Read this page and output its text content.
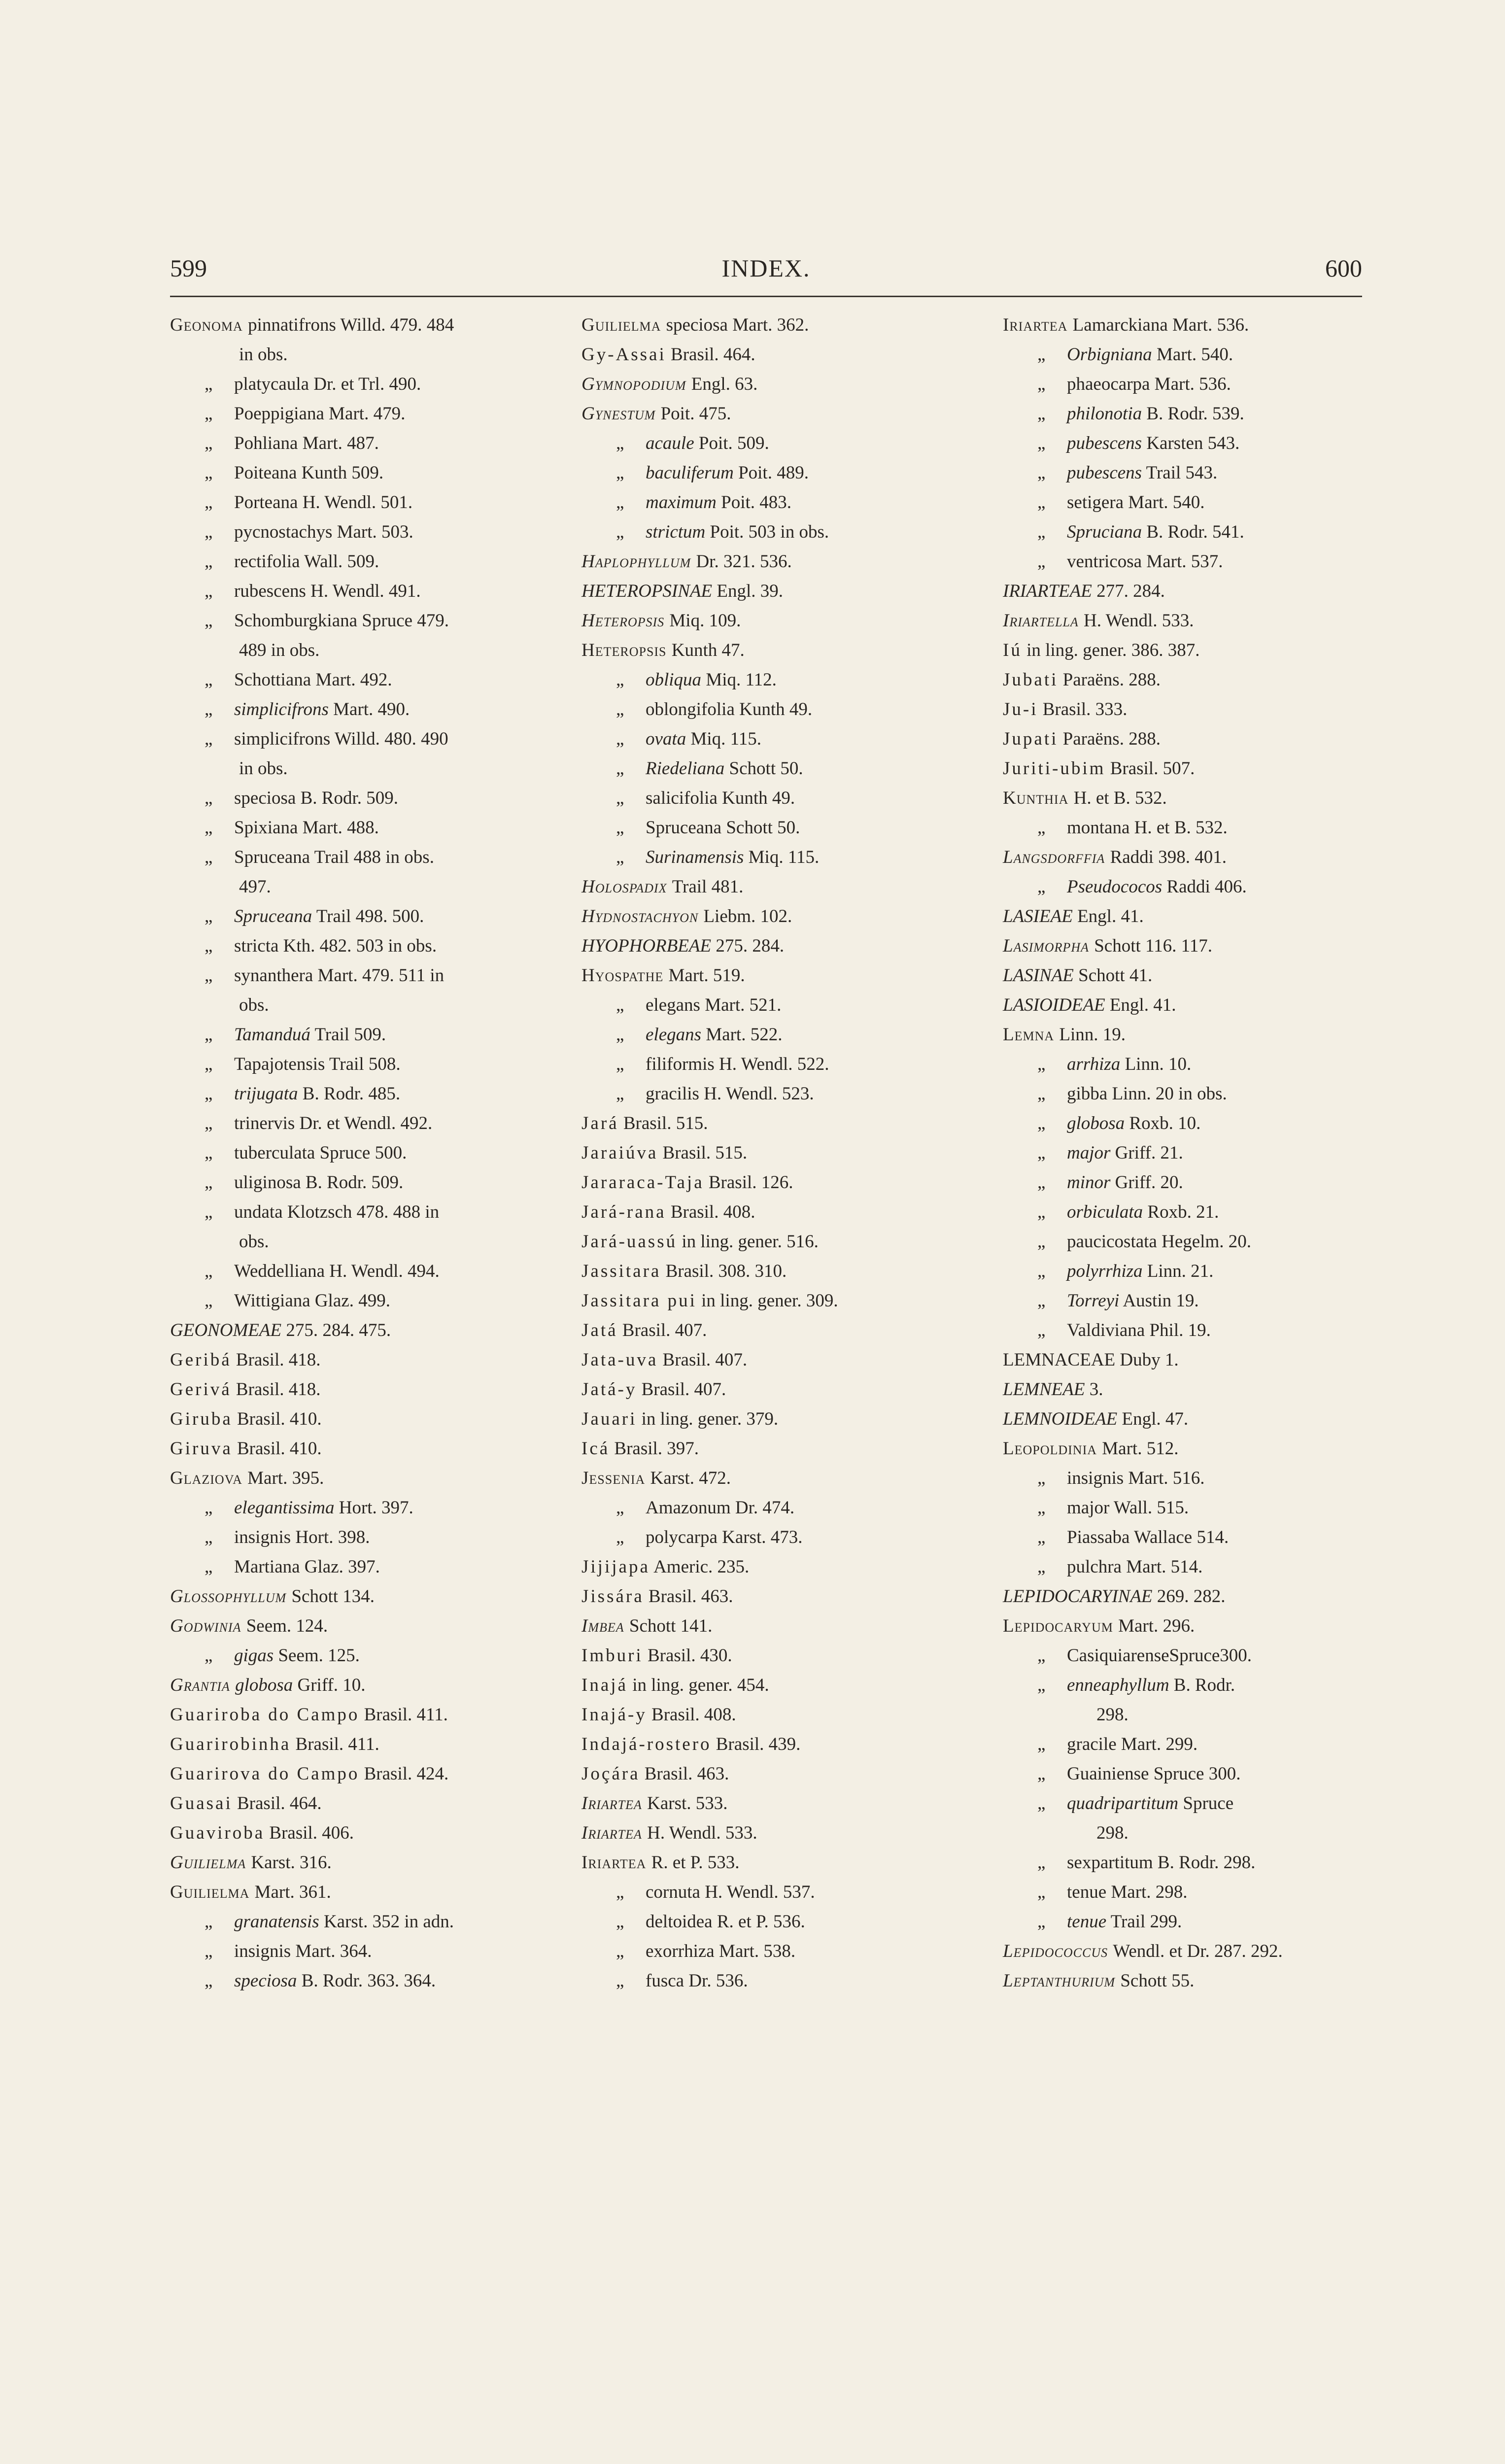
599	INDEX.	600
Geonoma pinnatifrons Willd. 479. 484
in obs.
„ platycaula Dr. et Trl. 490.
„ Poeppigiana Mart. 479.
„ Pohliana Mart. 487.
„ Poiteana Kunth 509.
„ Porteana H. Wendl. 501.
„ pycnostachys Mart. 503.
„ rectifolia Wall. 509.
„ rubescens H. Wendl. 491.
„ Schomburgkiana Spruce 479.
489 in obs.
„ Schottiana Mart. 492.
„ simplicifrons Mart. 490.
„ simplicifrons Willd. 480. 490
in obs.
„ speciosa B. Rodr. 509.
„ Spixiana Mart. 488.
„ Spruceana Trail 488 in obs.
497.
„ Spruceana Trail 498. 500.
„ stricta Kth. 482. 503 in obs.
„ synanthera Mart. 479. 511 in
obs.
„ Tamanduá Trail 509.
„ Tapajotensis Trail 508.
„ trijugata B. Rodr. 485.
„ trinervis Dr. et Wendl. 492.
„ tuberculata Spruce 500.
„ uliginosa B. Rodr. 509.
„ undata Klotzsch 478. 488 in
obs.
„ Weddelliana H. Wendl. 494.
„ Wittigiana Glaz. 499.
GEONOMEAE 275. 284. 475.
Geribá Brasil. 418.
Gerivá Brasil. 418.
Giruba Brasil. 410.
Giruva Brasil. 410.
Glaziova Mart. 395.
„ elegantissima Hort. 397.
„ insignis Hort. 398.
„ Martiana Glaz. 397.
Glossophyllum Schott 134.
Godwinia Seem. 124.
„ gigas Seem. 125.
Grantia globosa Griff. 10.
Guariroba do Campo Brasil. 411.
Guarirobinha Brasil. 411.
Guarirova do Campo Brasil. 424.
Guasai Brasil. 464.
Guaviroba Brasil. 406.
Guilielma Karst. 316.
Guilielma Mart. 361.
„ granatensis Karst. 352 in adn.
„ insignis Mart. 364.
„ speciosa B. Rodr. 363. 364.
Guilielma speciosa Mart. 362.
Gy-Assai Brasil. 464.
Gymnopodium Engl. 63.
Gynestum Poit. 475.
„ acaule Poit. 509.
„ baculiferum Poit. 489.
„ maximum Poit. 483.
„ strictum Poit. 503 in obs.
Haplophyllum Dr. 321. 536.
HETEROPSINAE Engl. 39.
Heteropsis Miq. 109.
Heteropsis Kunth 47.
„ obliqua Miq. 112.
„ oblongifolia Kunth 49.
„ ovata Miq. 115.
„ Riedeliana Schott 50.
„ salicifolia Kunth 49.
„ Spruceana Schott 50.
„ Surinamensis Miq. 115.
Holospadix Trail 481.
Hydnostachyon Liebm. 102.
HYOPHORBEAE 275. 284.
Hyospathe Mart. 519.
„ elegans Mart. 521.
„ elegans Mart. 522.
„ filiformis H. Wendl. 522.
„ gracilis H. Wendl. 523.
Jará Brasil. 515.
Jaraiúva Brasil. 515.
Jararaca-Taja Brasil. 126.
Jará-rana Brasil. 408.
Jará-uassú in ling. gener. 516.
Jassitara Brasil. 308. 310.
Jassitara pui in ling. gener. 309.
Jatá Brasil. 407.
Jata-uva Brasil. 407.
Jatá-y Brasil. 407.
Jauari in ling. gener. 379.
Icá Brasil. 397.
Jessenia Karst. 472.
„ Amazonum Dr. 474.
„ polycarpa Karst. 473.
Jijijapa Americ. 235.
Jissára Brasil. 463.
Imbea Schott 141.
Imburi Brasil. 430.
Inajá in ling. gener. 454.
Inajá-y Brasil. 408.
Indajá-rostero Brasil. 439.
Joçára Brasil. 463.
Iriartea Karst. 533.
Iriartea H. Wendl. 533.
Iriartea R. et P. 533.
„ cornuta H. Wendl. 537.
„ deltoidea R. et P. 536.
„ exorrhiza Mart. 538.
„ fusca Dr. 536.
Iriartea Lamarckiana Mart. 536.
„ Orbigniana Mart. 540.
„ phaeocarpa Mart. 536.
„ philonotia B. Rodr. 539.
„ pubescens Karsten 543.
„ pubescens Trail 543.
„ setigera Mart. 540.
„ Spruciana B. Rodr. 541.
„ ventricosa Mart. 537.
IRIARTEAE 277. 284.
Iriartella H. Wendl. 533.
Iú in ling. gener. 386. 387.
Jubati Paraëns. 288.
Ju-i Brasil. 333.
Jupati Paraëns. 288.
Juriti-ubim Brasil. 507.
Kunthia H. et B. 532.
„ montana H. et B. 532.
Langsdorffia Raddi 398. 401.
„ Pseudococos Raddi 406.
LASIEAE Engl. 41.
Lasimorpha Schott 116. 117.
LASINAE Schott 41.
LASIOIDEAE Engl. 41.
Lemna Linn. 19.
„ arrhiza Linn. 10.
„ gibba Linn. 20 in obs.
„ globosa Roxb. 10.
„ major Griff. 21.
„ minor Griff. 20.
„ orbiculata Roxb. 21.
„ paucicostata Hegelm. 20.
„ polyrrhiza Linn. 21.
„ Torreyi Austin 19.
„ Valdiviana Phil. 19.
LEMNACEAE Duby 1.
LEMNEAE 3.
LEMNOIDEAE Engl. 47.
Leopoldinia Mart. 512.
„ insignis Mart. 516.
„ major Wall. 515.
„ Piassaba Wallace 514.
„ pulchra Mart. 514.
LEPIDOCARYINAE 269. 282.
Lepidocaryum Mart. 296.
„ CasiquiarenseSpruce300.
„ enneaphyllum B. Rodr.
298.
„ gracile Mart. 299.
„ Guainiense Spruce 300.
„ quadripartitum Spruce
298.
„ sexpartitum B. Rodr. 298.
„ tenue Mart. 298.
„ tenue Trail 299.
Lepidococcus Wendl. et Dr. 287. 292.
Leptanthurium Schott 55.
